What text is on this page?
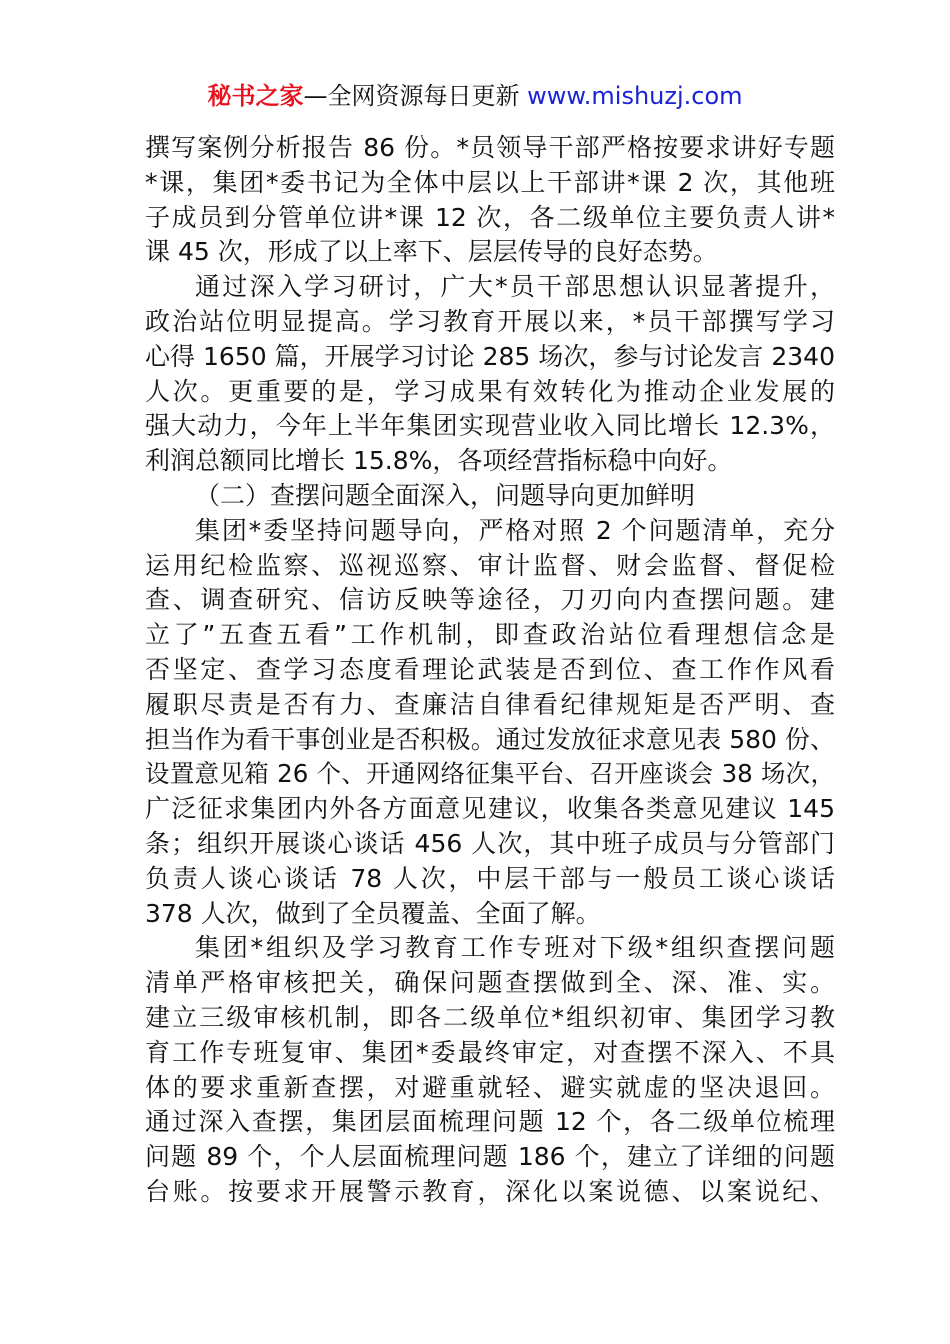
秘书之家—全网资源每日更新 www.mishuzj.com
撰写案例分析报告 86 份。*员领导干部严格按要求讲好专题
*课，集团*委书记为全体中层以上干部讲*课 2 次，其他班
子成员到分管单位讲*课 12 次，各二级单位主要负责人讲*
课 45 次，形成了以上率下、层层传导的良好态势。
通过深入学习研讨，广大*员干部思想认识显著提升，
政治站位明显提高。学习教育开展以来，*员干部撰写学习
心得 1650 篇，开展学习讨论 285 场次，参与讨论发言 2340
人次。更重要的是，学习成果有效转化为推动企业发展的
强大动力，今年上半年集团实现营业收入同比增长 12.3%，
利润总额同比增长 15.8%，各项经营指标稳中向好。
（二）查摆问题全面深入，问题导向更加鲜明
集团*委坚持问题导向，严格对照 2 个问题清单，充分
运用纪检监察、巡视巡察、审计监督、财会监督、督促检
查、调查研究、信访反映等途径，刀刃向内查摆问题。建
立了”五查五看”工作机制，即查政治站位看理想信念是
否坚定、查学习态度看理论武装是否到位、查工作作风看
履职尽责是否有力、查廉洁自律看纪律规矩是否严明、查
担当作为看干事创业是否积极。通过发放征求意见表 580 份、
设置意见箱 26 个、开通网络征集平台、召开座谈会 38 场次，
广泛征求集团内外各方面意见建议，收集各类意见建议 145
条；组织开展谈心谈话 456 人次，其中班子成员与分管部门
负责人谈心谈话 78 人次，中层干部与一般员工谈心谈话
378 人次，做到了全员覆盖、全面了解。
集团*组织及学习教育工作专班对下级*组织查摆问题
清单严格审核把关，确保问题查摆做到全、深、准、实。
建立三级审核机制，即各二级单位*组织初审、集团学习教
育工作专班复审、集团*委最终审定，对查摆不深入、不具
体的要求重新查摆，对避重就轻、避实就虚的坚决退回。
通过深入查摆，集团层面梳理问题 12 个，各二级单位梳理
问题 89 个，个人层面梳理问题 186 个，建立了详细的问题
台账。按要求开展警示教育，深化以案说德、以案说纪、
